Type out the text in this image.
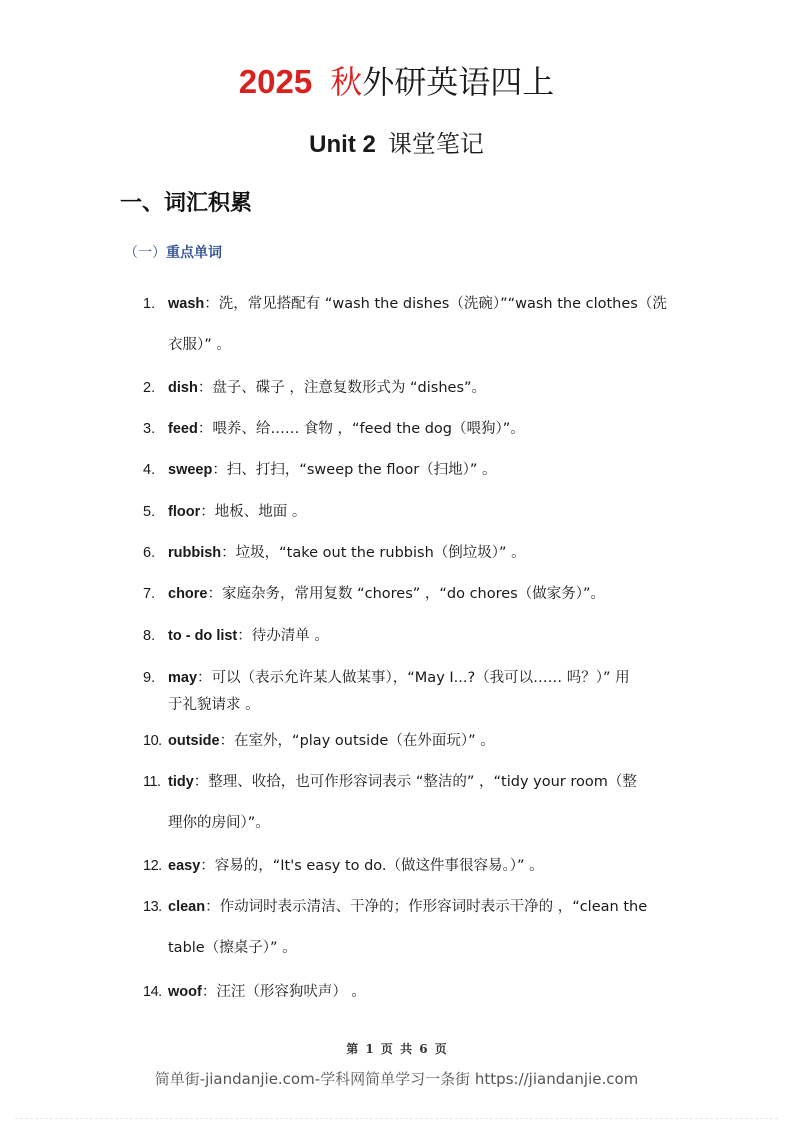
2025 秋外研英语四上
Unit 2 课堂笔记
一、词汇积累
（一）重点单词
1. wash：洗，常见搭配有 “wash the dishes（洗碗）”“wash the clothes（洗
衣服）” 。
2. dish：盘子、碟子 ，注意复数形式为 “dishes”。
3. feed：喂养、给…… 食物 ，“feed the dog（喂狗）”。
4. sweep：扫、打扫，“sweep the floor（扫地）” 。
5. floor：地板、地面 。
6. rubbish：垃圾，“take out the rubbish（倒垃圾）” 。
7. chore：家庭杂务，常用复数 “chores” ，“do chores（做家务）”。
8. to - do list：待办清单 。
9. may：可以（表示允许某人做某事），“May I...?（我可以…… 吗？）” 用
于礼貌请求 。
10. outside：在室外，“play outside（在外面玩）” 。
11. tidy：整理、收拾，也可作形容词表示 “整洁的” ，“tidy your room（整
理你的房间）”。
12. easy：容易的，“It's easy to do.（做这件事很容易。）” 。
13. clean：作动词时表示清洁、干净的；作形容词时表示干净的 ，“clean the
table（擦桌子）” 。
14. woof：汪汪（形容狗吠声） 。
第 1 页 共 6 页
简单街-jiandanjie.com-学科网简单学习一条街 https://jiandanjie.com
